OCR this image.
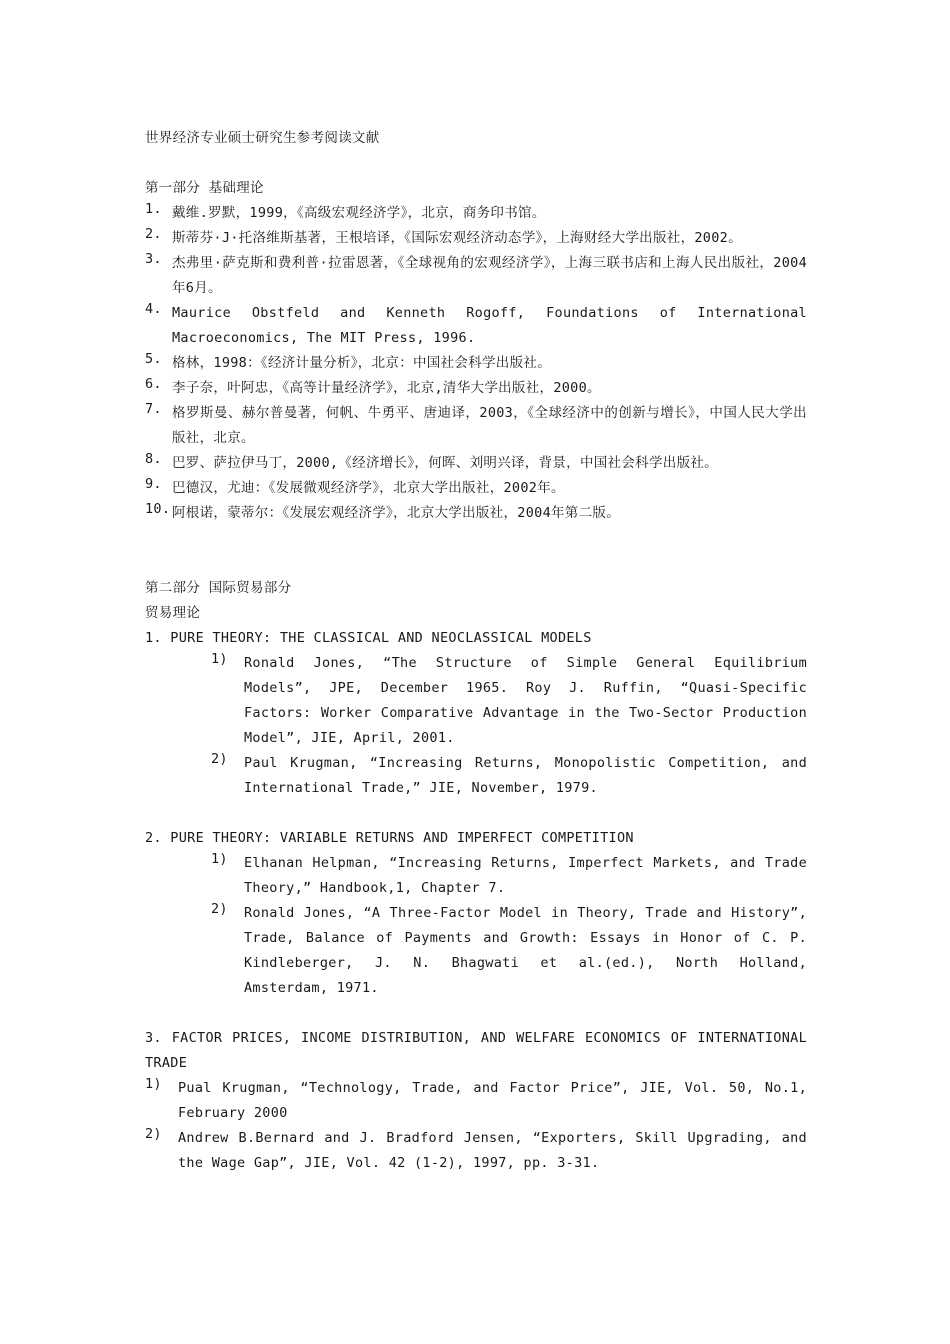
世界经济专业硕士研究生参考阅读文献
第一部分 基础理论
1. 戴维.罗默，1999，《高级宏观经济学》，北京，商务印书馆。
2. 斯蒂芬·J·托洛维斯基著，王根培译，《国际宏观经济动态学》，上海财经大学出版社，2002。
3. 杰弗里·萨克斯和费利普·拉雷恩著，《全球视角的宏观经济学》，上海三联书店和上海人民出版社，2004年6月。
4. Maurice Obstfeld and Kenneth Rogoff, Foundations of International Macroeconomics, The MIT Press, 1996.
5. 格林，1998：《经济计量分析》，北京：中国社会科学出版社。
6. 李子奈，叶阿忠，《高等计量经济学》，北京,清华大学出版社，2000。
7. 格罗斯曼、赫尔普曼著，何帆、牛勇平、唐迪译，2003，《全球经济中的创新与增长》，中国人民大学出版社，北京。
8. 巴罗、萨拉伊马丁，2000,《经济增长》，何晖、刘明兴译，背景，中国社会科学出版社。
9. 巴德汉，尤迪：《发展微观经济学》，北京大学出版社，2002年。
10. 阿根诺，蒙蒂尔：《发展宏观经济学》，北京大学出版社，2004年第二版。
第二部分 国际贸易部分
贸易理论
1. PURE THEORY: THE CLASSICAL AND NEOCLASSICAL MODELS
1)	Ronald Jones, “The Structure of Simple General Equilibrium Models”, JPE, December 1965. Roy J. Ruffin, “Quasi-Specific Factors: Worker Comparative Advantage in the Two-Sector Production Model”, JIE, April, 2001.
2)	Paul Krugman, “Increasing Returns, Monopolistic Competition, and International Trade,” JIE, November, 1979.
2. PURE THEORY: VARIABLE RETURNS AND IMPERFECT COMPETITION
1)	Elhanan Helpman, “Increasing Returns, Imperfect Markets, and Trade Theory,” Handbook,1, Chapter 7.
2)	Ronald Jones, “A Three-Factor Model in Theory, Trade and History”, Trade, Balance of Payments and Growth: Essays in Honor of C. P. Kindleberger, J. N. Bhagwati et al.(ed.), North Holland, Amsterdam, 1971.
3. FACTOR PRICES, INCOME DISTRIBUTION, AND WELFARE ECONOMICS OF INTERNATIONAL TRADE
1)	Pual Krugman, “Technology, Trade, and Factor Price”, JIE, Vol. 50, No.1, February 2000
2)	Andrew B.Bernard and J. Bradford Jensen, “Exporters, Skill Upgrading, and the Wage Gap”, JIE, Vol. 42 (1-2), 1997, pp. 3-31.
